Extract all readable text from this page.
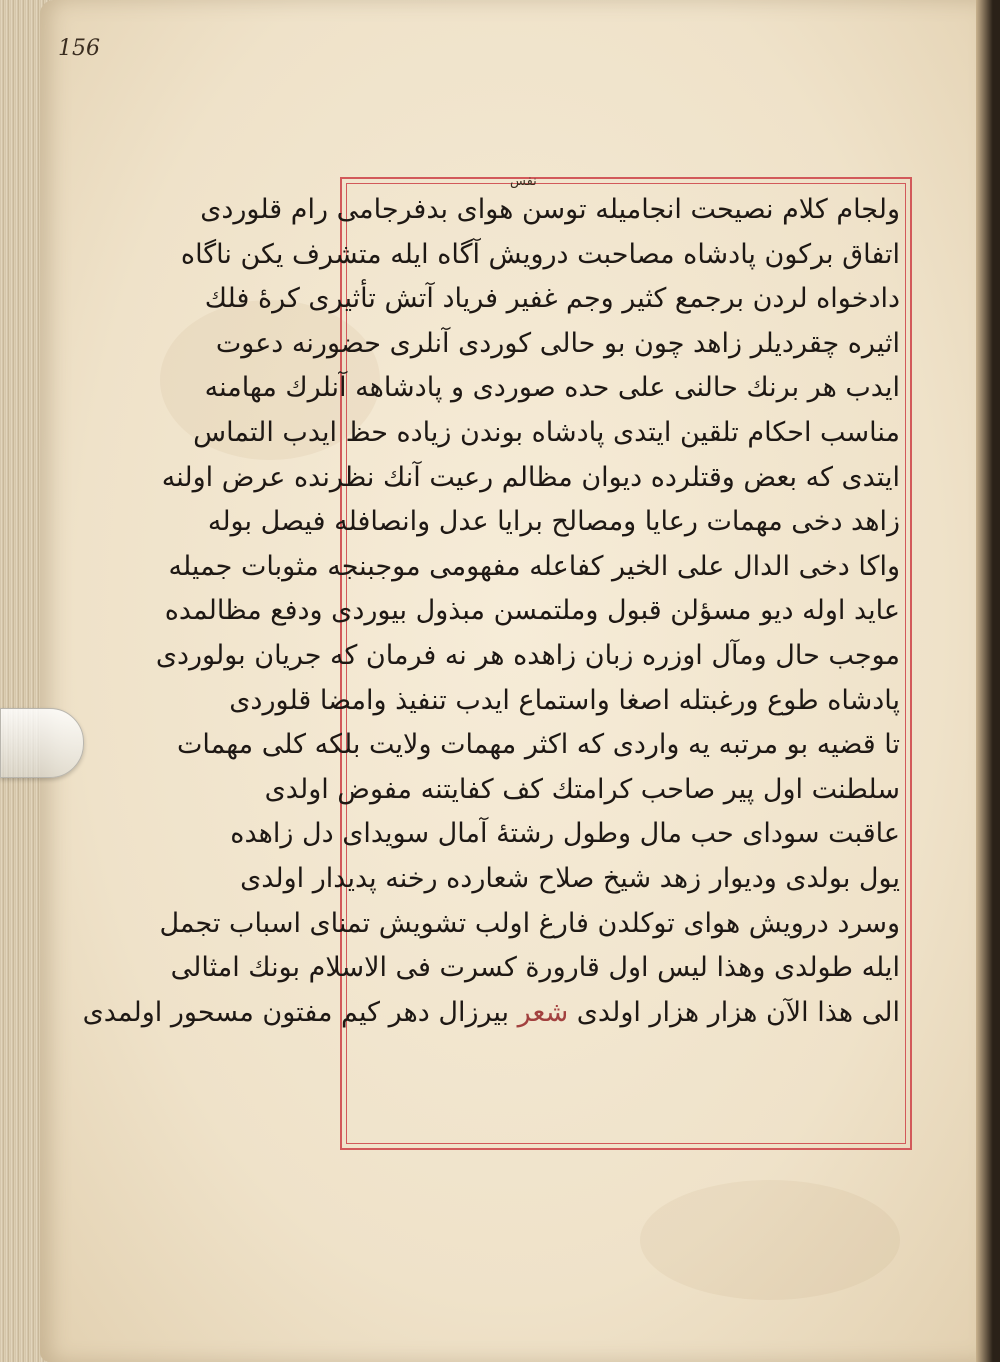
156
نفس
ولجام كلام نصيحت انجاميله توسن هواى بدفرجامى رام قلوردى
اتفاق بركون پادشاه مصاحبت درويش آگاه ايله متشرف يكن ناگاه
دادخواه لردن برجمع كثير وجم غفير فرياد آتش تأثيرى كرهٔ فلك
اثيره چقرديلر زاهد چون بو حالى كوردى آنلرى حضورنه دعوت
ايدب هر برنك حالنى على حده صوردى و پادشاهه آنلرك مهامنه
مناسب احكام تلقين ايتدى پادشاه بوندن زياده حظ ايدب التماس
ايتدى كه بعض وقتلرده ديوان مظالم رعيت آنك نظرنده عرض اولنه
زاهد دخى مهمات رعايا ومصالح برايا عدل وانصافله فيصل بوله
واكا دخى الدال على الخير كفاعله مفهومى موجبنجه مثوبات جميله
عايد اوله ديو مسؤلن قبول وملتمسن مبذول بيوردى ودفع مظالمده
موجب حال ومآل اوزره زبان زاهده هر نه فرمان كه جريان بولوردى
پادشاه طوع ورغبتله اصغا واستماع ايدب تنفيذ وامضا قلوردى
تا قضيه بو مرتبه يه واردى كه اكثر مهمات ولايت بلكه كلى مهمات
سلطنت اول پير صاحب كرامتك كف كفايتنه مفوض اولدى
عاقبت سوداى حب مال وطول رشتهٔ آمال سويداى دل زاهده
يول بولدى وديوار زهد شيخ صلاح شعارده رخنه پديدار اولدى
وسرد درويش هواى توكلدن فارغ اولب تشويش تمناى اسباب تجمل
ايله طولدى وهذا ليس اول قارورة كسرت فى الاسلام بونك امثالى
الى هذا الآن هزار هزار اولدى شعر بيرزال دهر كيم مفتون مسحور اولمدى
